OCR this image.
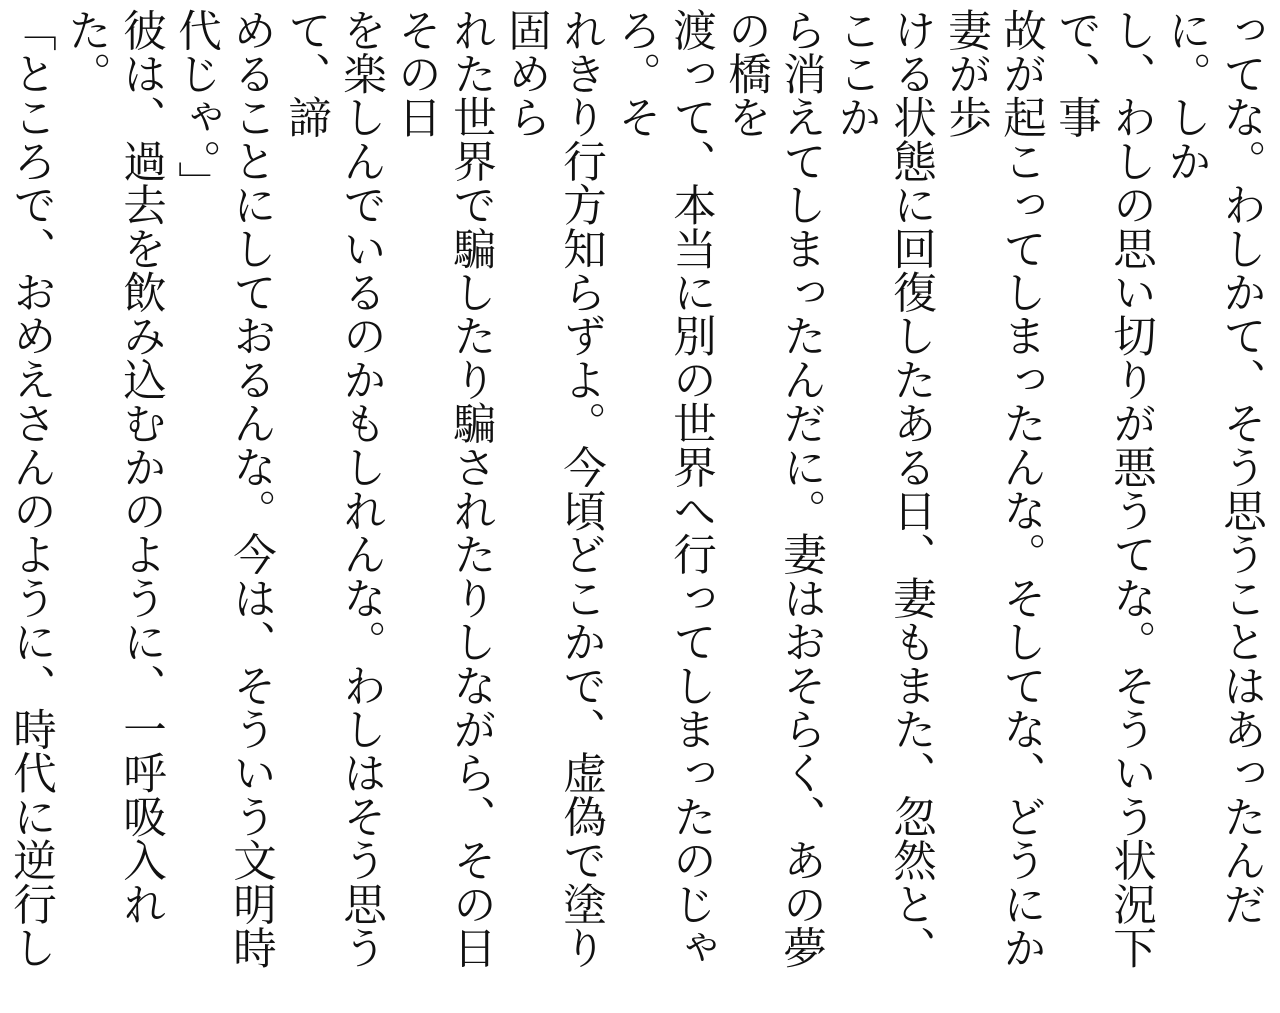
ってな。わしかて、そう思うことはあったんだに。しか
し、わしの思い切りが悪うてな。そういう状況下で、事
故が起こってしまったんな。そしてな、どうにか妻が歩
ける状態に回復したある日、妻もまた、忽然と、ここか
ら消えてしまったんだに。妻はおそらく、あの夢の橋を
渡って、本当に別の世界へ行ってしまったのじゃろ。そ
れきり行方知らずよ。今頃どこかで、虚偽で塗り固めら
れた世界で騙したり騙されたりしながら、その日その日
を楽しんでいるのかもしれんな。わしはそう思うて、諦
めることにしておるんな。今は、そういう文明時代じゃ。」
彼は、過去を飲み込むかのように、一呼吸入れた。
「ところで、おめえさんのように、時代に逆行し
